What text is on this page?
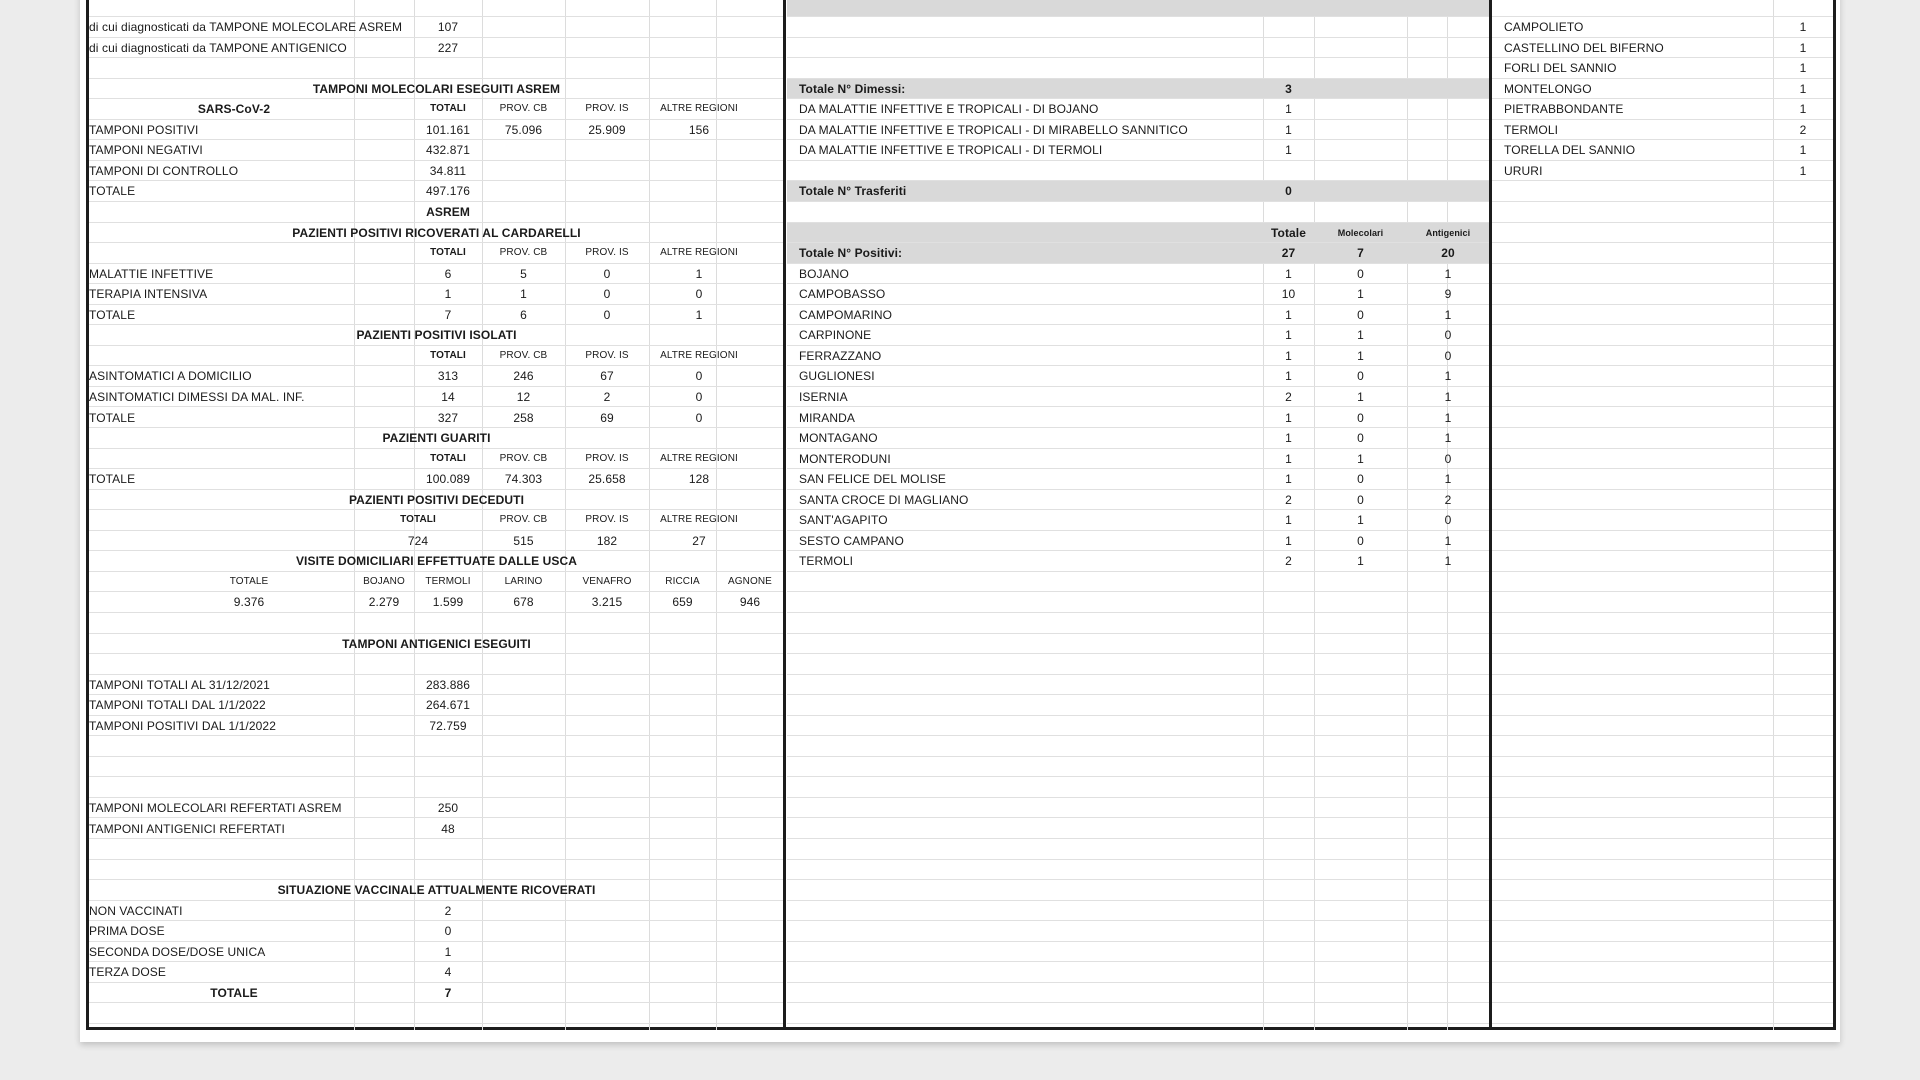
di cui diagnosticati da TAMPONE MOLECOLARE ASREM	107
di cui diagnosticati da TAMPONE ANTIGENICO	227
TAMPONI MOLECOLARI ESEGUITI ASREM
SARS-CoV-2	TOTALI	PROV. CB	PROV. IS	ALTRE REGIONI
TAMPONI POSITIVI	101.161	75.096	25.909	156
TAMPONI NEGATIVI	432.871
TAMPONI DI CONTROLLO	34.811
TOTALE	497.176
ASREM
PAZIENTI POSITIVI RICOVERATI AL CARDARELLI
TOTALI	PROV. CB	PROV. IS	ALTRE REGIONI
MALATTIE INFETTIVE	6	5	0	1
TERAPIA INTENSIVA	1	1	0	0
TOTALE	7	6	0	1
PAZIENTI POSITIVI ISOLATI
TOTALI	PROV. CB	PROV. IS	ALTRE REGIONI
ASINTOMATICI A DOMICILIO	313	246	67	0
ASINTOMATICI DIMESSI DA MAL. INF.	14	12	2	0
TOTALE	327	258	69	0
PAZIENTI GUARITI
TOTALI	PROV. CB	PROV. IS	ALTRE REGIONI
TOTALE	100.089	74.303	25.658	128
PAZIENTI POSITIVI DECEDUTI
TOTALI	PROV. CB	PROV. IS	ALTRE REGIONI
724	515	182	27
VISITE DOMICILIARI EFFETTUATE DALLE USCA
TOTALE	BOJANO	TERMOLI	LARINO	VENAFRO	RICCIA	AGNONE
9.376	2.279	1.599	678	3.215	659	946
TAMPONI ANTIGENICI ESEGUITI
TAMPONI TOTALI AL 31/12/2021	283.886
TAMPONI TOTALI DAL 1/1/2022	264.671
TAMPONI POSITIVI DAL 1/1/2022	72.759
TAMPONI MOLECOLARI REFERTATI ASREM	250
TAMPONI ANTIGENICI REFERTATI	48
SITUAZIONE VACCINALE ATTUALMENTE RICOVERATI
NON VACCINATI	2
PRIMA DOSE	0
SECONDA DOSE/DOSE UNICA	1
TERZA DOSE	4
TOTALE	7
Totale N° Dimessi:	3
DA MALATTIE INFETTIVE E TROPICALI - DI BOJANO	1
DA MALATTIE INFETTIVE E TROPICALI - DI MIRABELLO SANNITICO	1
DA MALATTIE INFETTIVE E TROPICALI - DI TERMOLI	1
Totale N° Trasferiti	0
Totale	Molecolari	Antigenici
Totale N° Positivi:	27	7	20
BOJANO	1	0	1
CAMPOBASSO	10	1	9
CAMPOMARINO	1	0	1
CARPINONE	1	1	0
FERRAZZANO	1	1	0
GUGLIONESI	1	0	1
ISERNIA	2	1	1
MIRANDA	1	0	1
MONTAGANO	1	0	1
MONTERODUNI	1	1	0
SAN FELICE DEL MOLISE	1	0	1
SANTA CROCE DI MAGLIANO	2	0	2
SANT'AGAPITO	1	1	0
SESTO CAMPANO	1	0	1
TERMOLI	2	1	1
CAMPOLIETO	1
CASTELLINO DEL BIFERNO	1
FORLI DEL SANNIO	1
MONTELONGO	1
PIETRABBONDANTE	1
TERMOLI	2
TORELLA DEL SANNIO	1
URURI	1
